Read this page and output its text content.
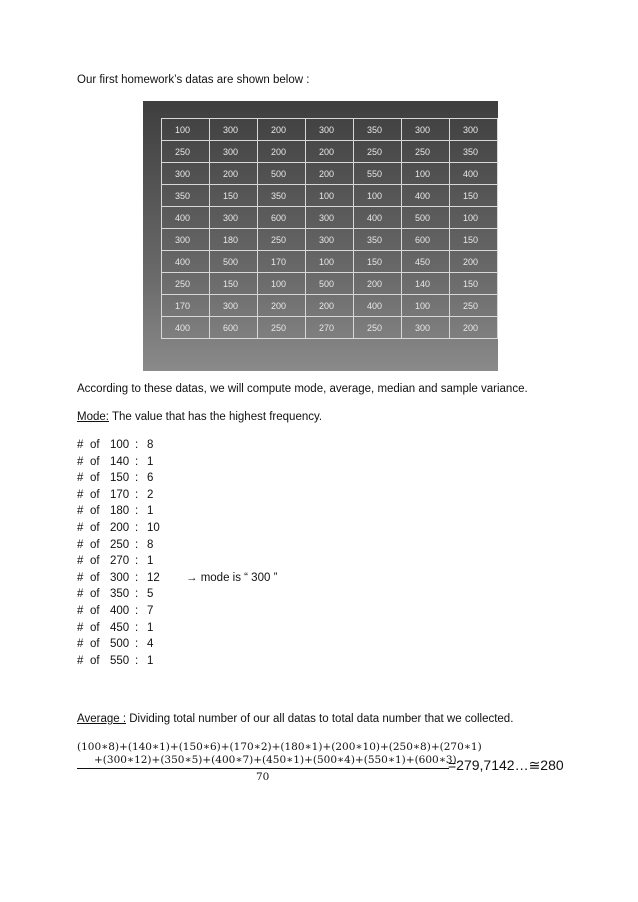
Our first homework’s datas are shown below :
100	300	200	300	350	300	300
250	300	200	200	250	250	350
300	200	500	200	550	100	400
350	150	350	100	100	400	150
400	300	600	300	400	500	100
300	180	250	300	350	600	150
400	500	170	100	150	450	200
250	150	100	500	200	140	150
170	300	200	200	400	100	250
400	600	250	270	250	300	200
According to these datas, we will compute mode, average, median and sample variance.
Mode: The value that has the highest frequency.
# of 100 : 8
# of 140 : 1
# of 150 : 6
# of 170 : 2
# of 180 : 1
# of 200 : 10
# of 250 : 8
# of 270 : 1
# of 300 : 12
# of 350 : 5
# of 400 : 7
# of 450 : 1
# of 500 : 4
# of 550 : 1
→ mode is “ 300 ”
Average : Dividing total number of our all datas to total data number that we collected.
(100∗8)+(140∗1)+(150∗6)+(170∗2)+(180∗1)+(200∗10)+(250∗8)+(270∗1)
+(300∗12)+(350∗5)+(400∗7)+(450∗1)+(500∗4)+(550∗1)+(600∗3)
70
=279,7142…≅280
